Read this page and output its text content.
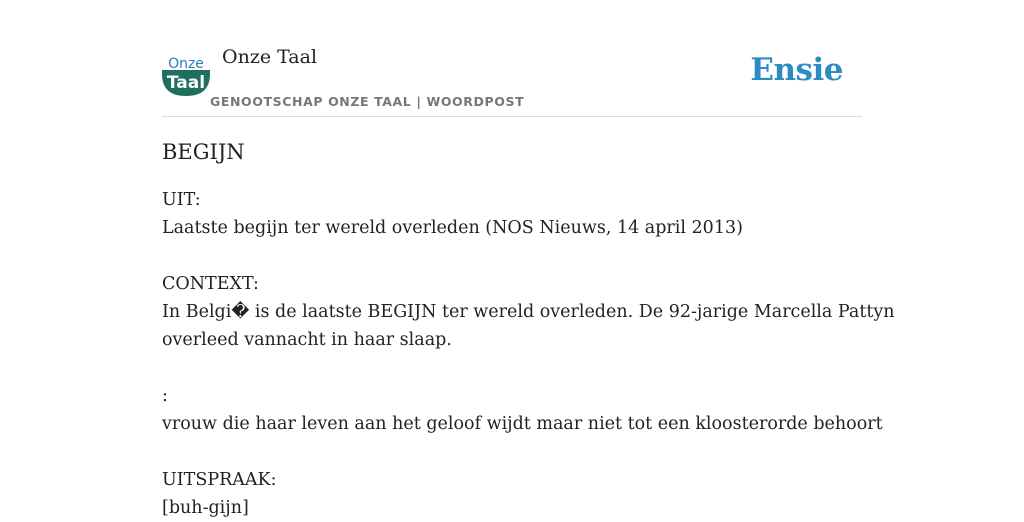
Onze
Taal
Onze Taal
GENOOTSCHAP ONZE TAAL | WOORDPOST
Ensie
BEGIJN
UIT:
Laatste begijn ter wereld overleden (NOS Nieuws, 14 april 2013)
CONTEXT:
In Belgi� is de laatste BEGIJN ter wereld overleden. De 92-jarige Marcella Pattyn
overleed vannacht in haar slaap.
:
vrouw die haar leven aan het geloof wijdt maar niet tot een kloosterorde behoort
UITSPRAAK:
[buh-gijn]
